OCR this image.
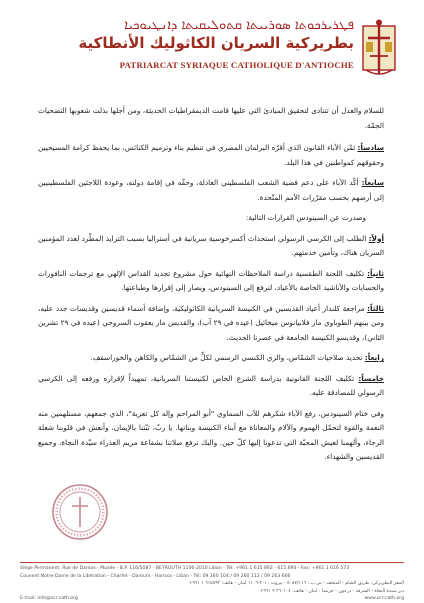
ܦܛܪܝܪܟܘܬܐ ܣܘܪܝܝܬܐ ܩܬܘܠܝܩܝܬܐ ܕܐܢܛܝܘܟܝܐ
بطريركية السريان الكاثوليك الأنطاكية
PATRIARCAT SYRIAQUE CATHOLIQUE D'ANTIOCHE

للسلام والعدل أن تتنادى لتحقيق المبادئ التي عليها قامت الديمقراطيات الحديثة، ومن أجلها بذلت شعوبها التضحيات الجمّة.

سادساً: ثمّن الآباء القانون الذي أقرّه البرلمان المصري في تنظيم بناء وترميم الكنائس، بما يحفظ كرامة المسيحيين وحقوقهم كمواطنين في هذا البلد.

سابعاً: أكّد الآباء على دعم قضية الشعب الفلسطيني العادلة، وحقّه في إقامة دولته، وعودة اللاجئين الفلسطينيين إلى أرضهم بحسب مقرّرات الأمم المتّحدة.

وصدرت عن السينودس القرارات التالية:

أولاً: الطلب إلى الكرسي الرسولي استحداث أكسرخوسية سريانية في أستراليا بسبب التزايد المطّرد لعدد المؤمنين السريان هناك، وتأمين خدمتهم.

ثانياً: تكليف اللجنة الطقسية دراسة الملاحظات النهائية حول مشروع تجديد القداس الإلهي مع ترجمات النافورات والحسايات والأناشيد الخاصة بالأعياد، لترفع إلى السينودس، ويصار إلى إقرارها وطباعتها.

ثالثاً: مراجعة كلندار أعياد القديسين في الكنيسة السريانية الكاثوليكية، وإضافة أسماء قديسين وقديسات جدد عليه، ومن بينهم الطوباوي مار فلابيانوس ميخائيل (عيده في ٢٩ آب)، والقديس مار يعقوب السروجي (عيده في ٢٩ تشرين الثاني)، وقديسو الكنيسة الجامعة في عصرنا الحديث.

رابعاً: تحديد صلاحيات الشمّاس، والزي الكنسي الرسمي لكلٍّ من الشمّاس والكاهن والخوراسقف.

خامساً: تكليف اللجنة القانونية بدراسة الشرع الخاص لكنيستنا السريانية، تمهيداً لإقراره ورفعه إلى الكرسي الرسولي للمصادقة عليه.

وفي ختام السينودس، رفع الآباء شكرهم للآب السماوي "أبو المراحم وإله كل تعزية"، الذي جمعهم، مستلهمين منه النعمة والقوة لتحمّل الهموم والآلام والمعاناة مع أبناء الكنيسة وبناتها. يا ربّ، ثبّتنا بالإيمان، وأنعش في قلوبنا شعلة الرجاء، وألهمنا لعيش المحبّة التي تدعونا إليها كلّ حين. والبك نرفع صلاتنا بشفاعة مريم العذراء سيّدة النجاة، وجميع القديسين والشهداء.

Siège Permanent: Rue de Damas - Musée - B.P. 116/5087 - BEYROUTH 1106-2010 Liban - Tél: +961 1 615 892 - 615 694 - Fax: +961 1 616 573
Couvent Notre-Dame de la Libération - Charfet - Darouni - Harissa - Liban - Tél: 09 260 104 / 09 260 112 / 09 263 666
المقر البطريركي: طريق الشام - المتحف - ص.ب.: ٥٠٨٧/١١٦ - بيروت ٢٠١٠-١١٠٦ لبنان - هاتف: ٦١٥٨٩٢ ١ ٩٦١+
دير سيدة النجاة - الشرفة - درعون - حريصا - لبنان - هاتف: ٢٦٠١٠٤ ٩ ٩٦١+
E-mail: info@scr-cath.org	www.scr-cath.org
